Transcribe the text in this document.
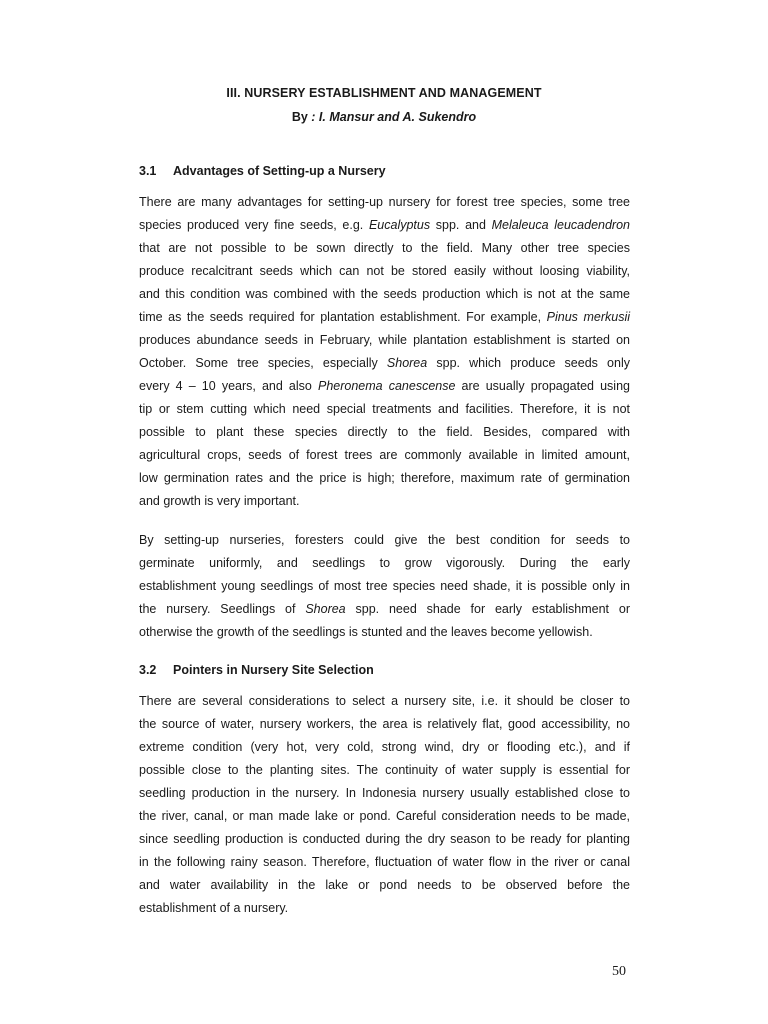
III. NURSERY ESTABLISHMENT AND MANAGEMENT
By : I. Mansur and A. Sukendro
3.1 Advantages of Setting-up a Nursery
There are many advantages for setting-up nursery for forest tree species, some tree
species produced very fine seeds, e.g. Eucalyptus spp. and Melaleuca leucadendron
that are not possible to be sown directly to the field. Many other tree species
produce recalcitrant seeds which can not be stored easily without loosing viability,
and this condition was combined with the seeds production which is not at the same
time as the seeds required for plantation establishment. For example, Pinus merkusii
produces abundance seeds in February, while plantation establishment is started on
October. Some tree species, especially Shorea spp. which produce seeds only
every 4 – 10 years, and also Pheronema canescense are usually propagated using
tip or stem cutting which need special treatments and facilities. Therefore, it is not
possible to plant these species directly to the field. Besides, compared with
agricultural crops, seeds of forest trees are commonly available in limited amount,
low germination rates and the price is high; therefore, maximum rate of germination
and growth is very important.
By setting-up nurseries, foresters could give the best condition for seeds to
germinate uniformly, and seedlings to grow vigorously. During the early
establishment young seedlings of most tree species need shade, it is possible only in
the nursery. Seedlings of Shorea spp. need shade for early establishment or
otherwise the growth of the seedlings is stunted and the leaves become yellowish.
3.2 Pointers in Nursery Site Selection
There are several considerations to select a nursery site, i.e. it should be closer to
the source of water, nursery workers, the area is relatively flat, good accessibility, no
extreme condition (very hot, very cold, strong wind, dry or flooding etc.), and if
possible close to the planting sites. The continuity of water supply is essential for
seedling production in the nursery. In Indonesia nursery usually established close to
the river, canal, or man made lake or pond. Careful consideration needs to be made,
since seedling production is conducted during the dry season to be ready for planting
in the following rainy season. Therefore, fluctuation of water flow in the river or canal
and water availability in the lake or pond needs to be observed before the
establishment of a nursery.
50
